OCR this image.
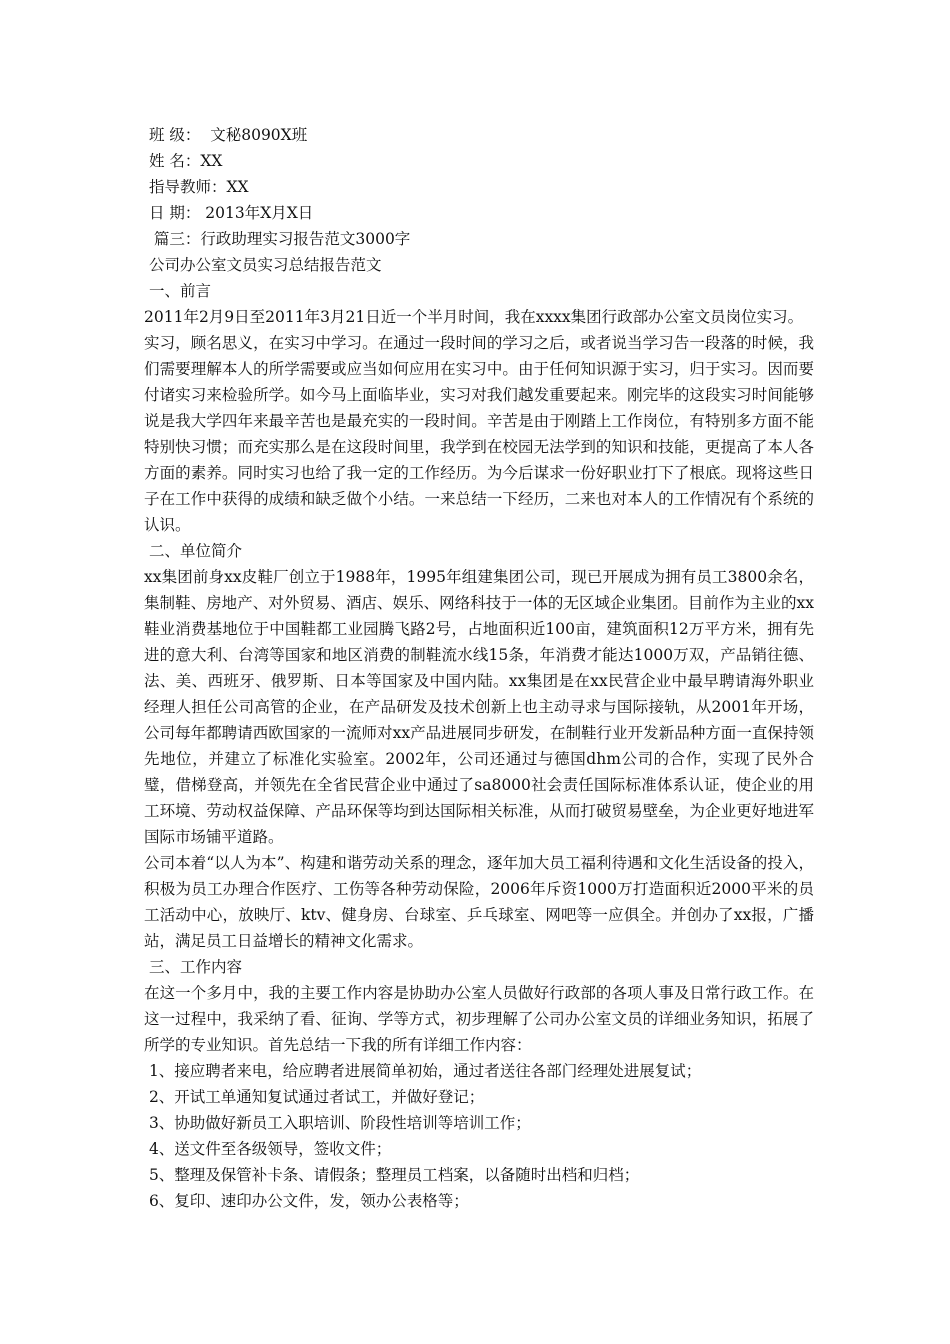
班 级：  文秘8090X班
姓 名：XX
指导教师：XX
日 期： 2013年X月X日
篇三：行政助理实习报告范文3000字
公司办公室文员实习总结报告范文
一、前言

2011年2月9日至2011年3月21日近一个半月时间，我在xxxx集团行政部办公室文员岗位实习。

实习，顾名思义，在实习中学习。在通过一段时间的学习之后，或者说当学习告一段落的时候，我们需要理解本人的所学需要或应当如何应用在实习中。由于任何知识源于实习，归于实习。因而要付诸实习来检验所学。如今马上面临毕业，实习对我们越发重要起来。刚完毕的这段实习时间能够说是我大学四年来最辛苦也是最充实的一段时间。辛苦是由于刚踏上工作岗位，有特别多方面不能特别快习惯；而充实那么是在这段时间里，我学到在校园无法学到的知识和技能，更提高了本人各方面的素养。同时实习也给了我一定的工作经历。为今后谋求一份好职业打下了根底。现将这些日子在工作中获得的成绩和缺乏做个小结。一来总结一下经历，二来也对本人的工作情况有个系统的认识。

二、单位简介

xx集团前身xx皮鞋厂创立于1988年，1995年组建集团公司，现已开展成为拥有员工3800余名，集制鞋、房地产、对外贸易、酒店、娱乐、网络科技于一体的无区域企业集团。目前作为主业的xx鞋业消费基地位于中国鞋都工业园腾飞路2号，占地面积近100亩，建筑面积12万平方米，拥有先进的意大利、台湾等国家和地区消费的制鞋流水线15条，年消费才能达1000万双，产品销往德、法、美、西班牙、俄罗斯、日本等国家及中国内陆。xx集团是在xx民营企业中最早聘请海外职业经理人担任公司高管的企业，在产品研发及技术创新上也主动寻求与国际接轨，从2001年开场，公司每年都聘请西欧国家的一流师对xx产品进展同步研发，在制鞋行业开发新品种方面一直保持领先地位，并建立了标准化实验室。2002年，公司还通过与德国dhm公司的合作，实现了民外合璧，借梯登高，并领先在全省民营企业中通过了sa8000社会责任国际标准体系认证，使企业的用工环境、劳动权益保障、产品环保等均到达国际相关标准，从而打破贸易壁垒，为企业更好地进军国际市场铺平道路。

公司本着“以人为本”、构建和谐劳动关系的理念，逐年加大员工福利待遇和文化生活设备的投入，积极为员工办理合作医疗、工伤等各种劳动保险，2006年斥资1000万打造面积近2000平米的员工活动中心，放映厅、ktv、健身房、台球室、乒乓球室、网吧等一应俱全。并创办了xx报，广播站，满足员工日益增长的精神文化需求。

三、工作内容

在这一个多月中，我的主要工作内容是协助办公室人员做好行政部的各项人事及日常行政工作。在这一过程中，我采纳了看、征询、学等方式，初步理解了公司办公室文员的详细业务知识，拓展了所学的专业知识。首先总结一下我的所有详细工作内容：

1、接应聘者来电，给应聘者进展简单初始，通过者送往各部门经理处进展复试；
2、开试工单通知复试通过者试工，并做好登记；
3、协助做好新员工入职培训、阶段性培训等培训工作；
4、送文件至各级领导，签收文件；
5、整理及保管补卡条、请假条；整理员工档案，以备随时出档和归档；
6、复印、速印办公文件，发，领办公表格等；
